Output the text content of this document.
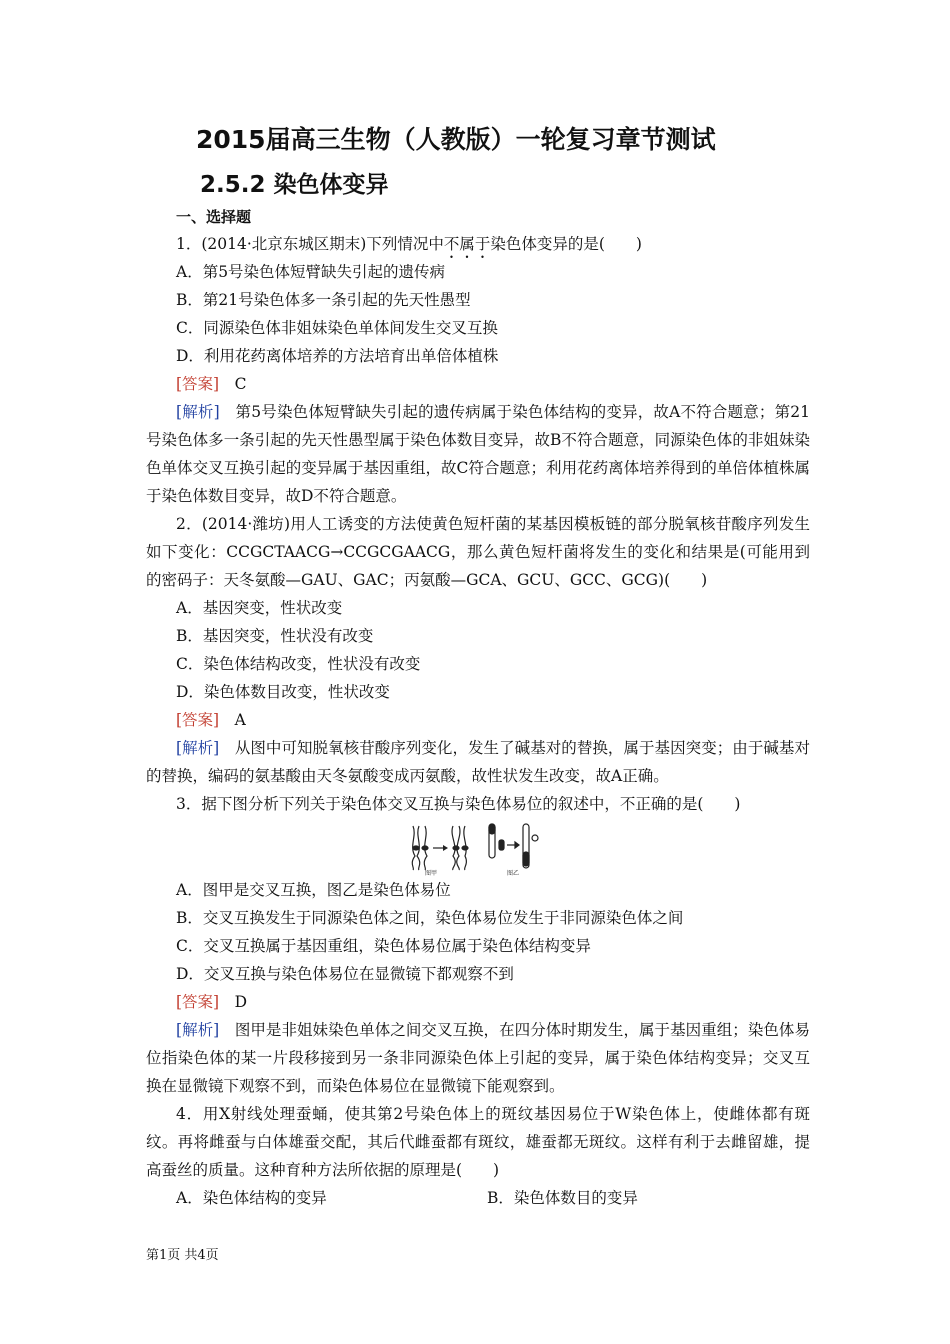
2015届高三生物（人教版）一轮复习章节测试
2.5.2 染色体变异
一、选择题
1．(2014·北京东城区期末)下列情况中不属于染色体变异的是(　　)
A．第5号染色体短臂缺失引起的遗传病
B．第21号染色体多一条引起的先天性愚型
C．同源染色体非姐妹染色单体间发生交叉互换
D．利用花药离体培养的方法培育出单倍体植株
[答案]　 C

[解析]　 第5号染色体短臂缺失引起的遗传病属于染色体结构的变异，故A不符合题意；第21号染色体多一条引起的先天性愚型属于染色体数目变异，故B不符合题意，同源染色体的非姐妹染色单体交叉互换引起的变异属于基因重组，故C符合题意；利用花药离体培养得到的单倍体植株属于染色体数目变异，故D不符合题意。

2．(2014·潍坊)用人工诱变的方法使黄色短杆菌的某基因模板链的部分脱氧核苷酸序列发生如下变化：CCGCTAACG→CCGCGAACG，那么黄色短杆菌将发生的变化和结果是(可能用到的密码子：天冬氨酸—GAU、GAC；丙氨酸—GCA、GCU、GCC、GCG)(　　)

A．基因突变，性状改变
B．基因突变，性状没有改变
C．染色体结构改变，性状没有改变
D．染色体数目改变，性状改变
[答案]　 A

[解析]　 从图中可知脱氧核苷酸序列变化，发生了碱基对的替换，属于基因突变；由于碱基对的替换，编码的氨基酸由天冬氨酸变成丙氨酸，故性状发生改变，故A正确。

3．据下图分析下列关于染色体交叉互换与染色体易位的叙述中，不正确的是(　　)
图甲	图乙
A．图甲是交叉互换，图乙是染色体易位
B．交叉互换发生于同源染色体之间，染色体易位发生于非同源染色体之间
C．交叉互换属于基因重组，染色体易位属于染色体结构变异
D．交叉互换与染色体易位在显微镜下都观察不到
[答案]　 D

[解析]　 图甲是非姐妹染色单体之间交叉互换，在四分体时期发生，属于基因重组；染色体易位指染色体的某一片段移接到另一条非同源染色体上引起的变异，属于染色体结构变异；交叉互换在显微镜下观察不到，而染色体易位在显微镜下能观察到。

4．用X射线处理蚕蛹，使其第2号染色体上的斑纹基因易位于W染色体上，使雌体都有斑纹。再将雌蚕与白体雄蚕交配，其后代雌蚕都有斑纹，雄蚕都无斑纹。这样有利于去雌留雄，提高蚕丝的质量。这种育种方法所依据的原理是(　　)

A．染色体结构的变异	B．染色体数目的变异
第1页 共4页
